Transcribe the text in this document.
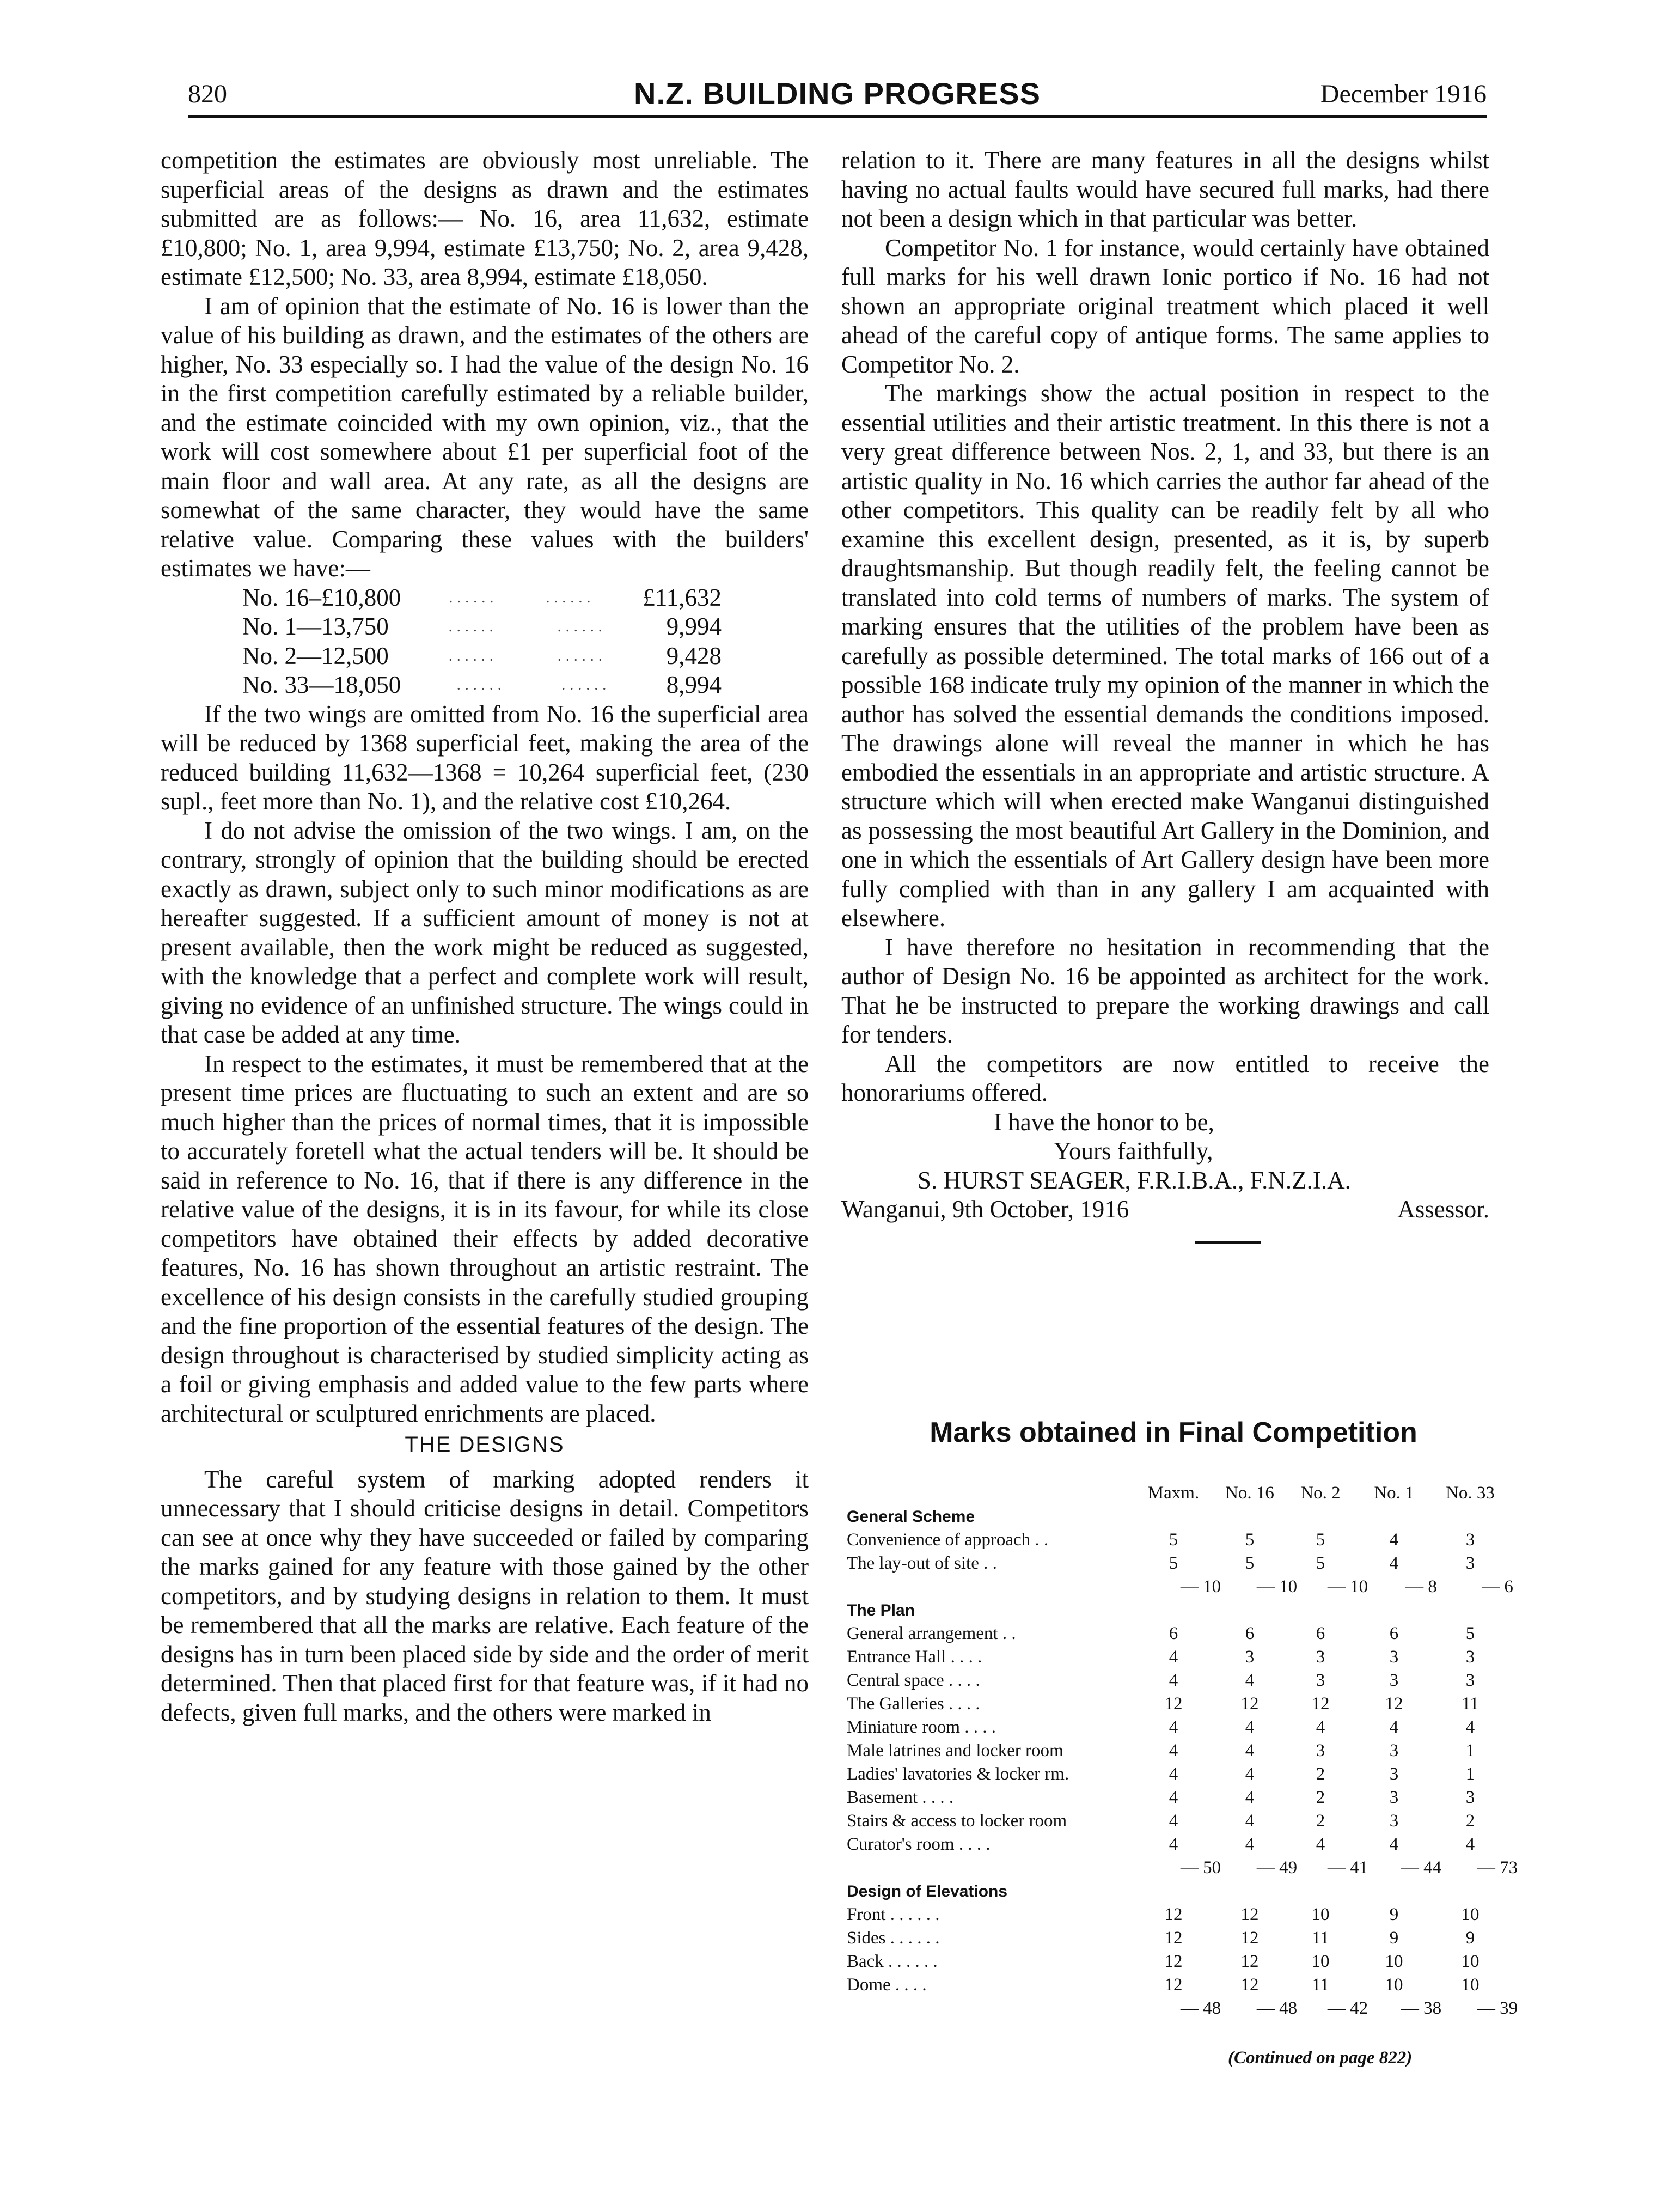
820	N.Z. BUILDING PROGRESS	December 1916

competition the estimates are obviously most unreliable. The superficial areas of the designs as drawn and the estimates submitted are as follows:— No. 16, area 11,632, estimate £10,800; No. 1, area 9,994, estimate £13,750; No. 2, area 9,428, estimate £12,500; No. 33, area 8,994, estimate £18,050.

I am of opinion that the estimate of No. 16 is lower than the value of his building as drawn, and the estimates of the others are higher, No. 33 especially so. I had the value of the design No. 16 in the first competition carefully estimated by a reliable builder, and the estimate coincided with my own opinion, viz., that the work will cost somewhere about £1 per superficial foot of the main floor and wall area. At any rate, as all the designs are somewhat of the same character, they would have the same relative value. Comparing these values with the builders' estimates we have:—

No. 16–£10,800	......	...... £11,632
No. 1—13,750	......	...... 9,994
No. 2—12,500	......	...... 9,428
No. 33—18,050	......	...... 8,994

If the two wings are omitted from No. 16 the superficial area will be reduced by 1368 superficial feet, making the area of the reduced building 11,632—1368 = 10,264 superficial feet, (230 supl., feet more than No. 1), and the relative cost £10,264.

I do not advise the omission of the two wings. I am, on the contrary, strongly of opinion that the building should be erected exactly as drawn, subject only to such minor modifications as are hereafter suggested. If a sufficient amount of money is not at present available, then the work might be reduced as suggested, with the knowledge that a perfect and complete work will result, giving no evidence of an unfinished structure. The wings could in that case be added at any time.

In respect to the estimates, it must be remembered that at the present time prices are fluctuating to such an extent and are so much higher than the prices of normal times, that it is impossible to accurately foretell what the actual tenders will be. It should be said in reference to No. 16, that if there is any difference in the relative value of the designs, it is in its favour, for while its close competitors have obtained their effects by added decorative features, No. 16 has shown throughout an artistic restraint. The excellence of his design consists in the carefully studied grouping and the fine proportion of the essential features of the design. The design throughout is characterised by studied simplicity acting as a foil or giving emphasis and added value to the few parts where architectural or sculptured enrichments are placed.

THE DESIGNS

The careful system of marking adopted renders it unnecessary that I should criticise designs in detail. Competitors can see at once why they have succeeded or failed by comparing the marks gained for any feature with those gained by the other competitors, and by studying designs in relation to them. It must be remembered that all the marks are relative. Each feature of the designs has in turn been placed side by side and the order of merit determined. Then that placed first for that feature was, if it had no defects, given full marks, and the others were marked in

relation to it. There are many features in all the designs whilst having no actual faults would have secured full marks, had there not been a design which in that particular was better.

Competitor No. 1 for instance, would certainly have obtained full marks for his well drawn Ionic portico if No. 16 had not shown an appropriate original treatment which placed it well ahead of the careful copy of antique forms. The same applies to Competitor No. 2.

The markings show the actual position in respect to the essential utilities and their artistic treatment. In this there is not a very great difference between Nos. 2, 1, and 33, but there is an artistic quality in No. 16 which carries the author far ahead of the other competitors. This quality can be readily felt by all who examine this excellent design, presented, as it is, by superb draughtsmanship. But though readily felt, the feeling cannot be translated into cold terms of numbers of marks. The system of marking ensures that the utilities of the problem have been as carefully as possible determined. The total marks of 166 out of a possible 168 indicate truly my opinion of the manner in which the author has solved the essential demands the conditions imposed. The drawings alone will reveal the manner in which he has embodied the essentials in an appropriate and artistic structure. A structure which will when erected make Wanganui distinguished as possessing the most beautiful Art Gallery in the Dominion, and one in which the essentials of Art Gallery design have been more fully complied with than in any gallery I am acquainted with elsewhere.

I have therefore no hesitation in recommending that the author of Design No. 16 be appointed as architect for the work. That he be instructed to prepare the working drawings and call for tenders.

All the competitors are now entitled to receive the honorariums offered.

I have the honor to be,

Yours faithfully,

S. HURST SEAGER, F.R.I.B.A., F.N.Z.I.A.

Wanganui, 9th October, 1916	Assessor.
Marks obtained in Final Competition
Maxm.	No. 16	No. 2	No. 1	No. 33
General Scheme
Convenience of approach . .	5	5	5	4	3
The lay-out of site . .	5	5	5	4	3
— 10	— 10	— 10	— 8	— 6
The Plan
General arrangement . .	6	6	6	6	5
Entrance Hall . . . .	4	3	3	3	3
Central space . . . .	4	4	3	3	3
The Galleries . . . .	12	12	12	12	11
Miniature room . . . .	4	4	4	4	4
Male latrines and locker room	4	4	3	3	1
Ladies' lavatories & locker rm.	4	4	2	3	1
Basement . . . .	4	4	2	3	3
Stairs & access to locker room	4	4	2	3	2
Curator's room . . . .	4	4	4	4	4
— 50	— 49	— 41	— 44	— 73
Design of Elevations
Front . . . . . .	12	12	10	9	10
Sides . . . . . .	12	12	11	9	9
Back . . . . . .	12	12	10	10	10
Dome . . . .	12	12	11	10	10
— 48	— 48	— 42	— 38	— 39
(Continued on page 822)
